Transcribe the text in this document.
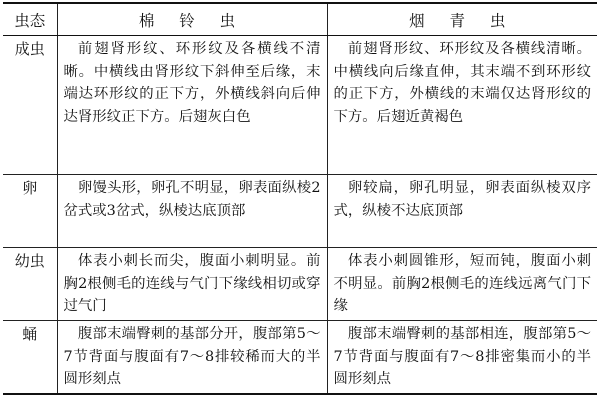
虫态	棉 铃 虫	烟 青 虫
成虫	前翅肾形纹、环形纹及各横线不清晰。中横线由肾形纹下斜伸至后缘，末端达环形纹的正下方，外横线斜向后伸达肾形纹正下方。后翅灰白色	前翅肾形纹、环形纹及各横线清晰。中横线向后缘直伸，其末端不到环形纹的正下方，外横线的末端仅达肾形纹的下方。后翅近黄褐色
卵	卵馒头形，卵孔不明显，卵表面纵棱2岔式或3岔式，纵棱达底顶部	卵较扁，卵孔明显，卵表面纵棱双序式，纵棱不达底顶部
幼虫	体表小刺长而尖，腹面小刺明显。前胸2根侧毛的连线与气门下缘线相切或穿过气门	体表小刺圆锥形，短而钝，腹面小刺不明显。前胸2根侧毛的连线远离气门下缘
蛹	腹部末端臀刺的基部分开，腹部第5～7节背面与腹面有7～8排较稀而大的半圆形刻点	腹部末端臀刺的基部相连，腹部第5～7节背面与腹面有7～8排密集而小的半圆形刻点
